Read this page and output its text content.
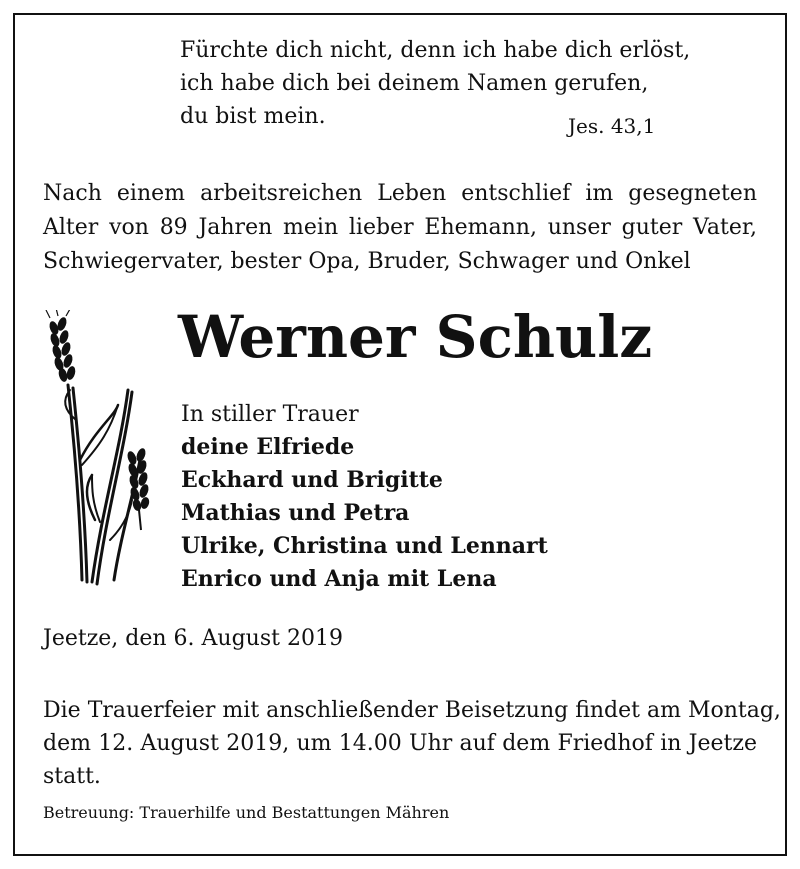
Fürchte dich nicht, denn ich habe dich erlöst,
ich habe dich bei deinem Namen gerufen,
du bist mein.	Jes. 43,1
Nach einem arbeitsreichen Leben entschlief im gesegneten
Alter von 89 Jahren mein lieber Ehemann, unser guter Vater,
Schwiegervater, bester Opa, Bruder, Schwager und Onkel
Werner Schulz
In stiller Trauer
deine Elfriede
Eckhard und Brigitte
Mathias und Petra
Ulrike, Christina und Lennart
Enrico und Anja mit Lena
Jeetze, den 6. August 2019
Die Trauerfeier mit anschließender Beisetzung findet am Montag,
dem 12. August 2019, um 14.00 Uhr auf dem Friedhof in Jeetze
statt.
Betreuung: Trauerhilfe und Bestattungen Mähren
